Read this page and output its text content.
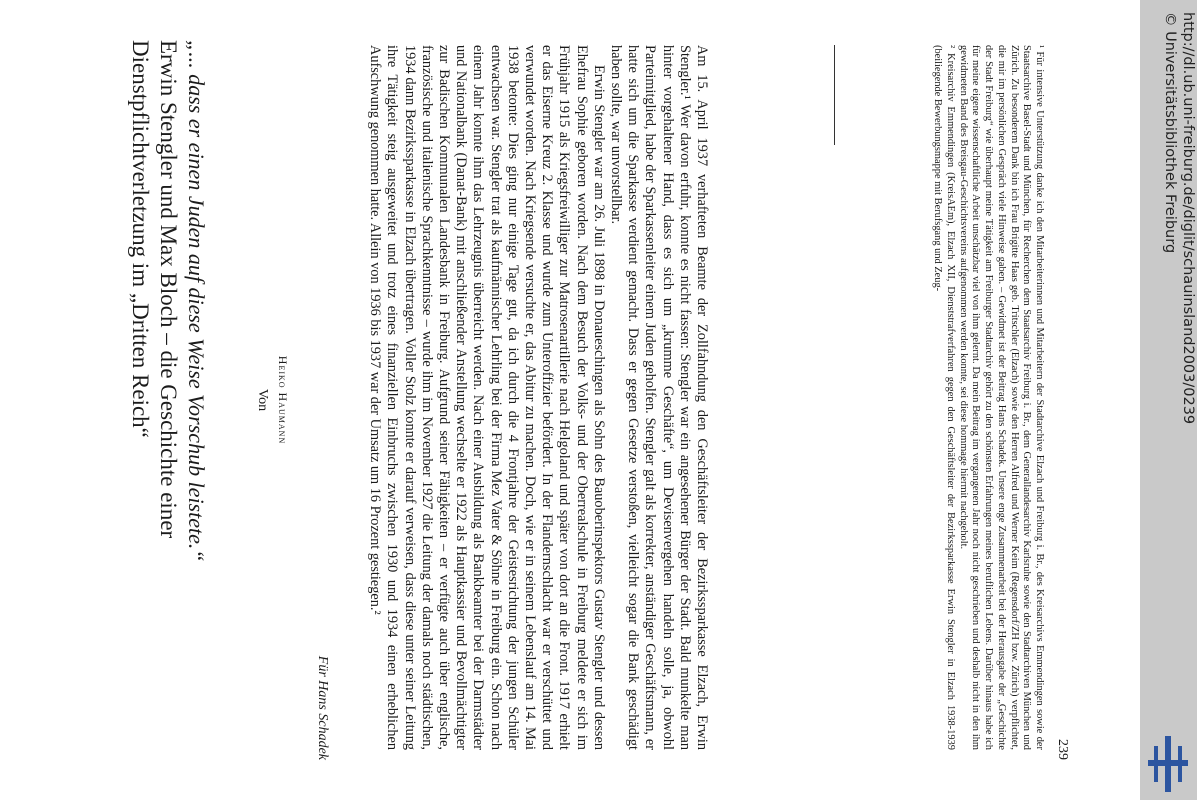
„... dass er einen Juden auf diese Weise Vorschub leistete.“

Erwin Stengler und Max Bloch – die Geschichte einer
Dienstpflichtverletzung im „Dritten Reich“	Von Heiko Haumann
Für Hans Schadek	Am 15. April 1937 verhafteten Beamte der Zollfahndung den Geschäftsleiter der Bezirkssparkasse Elzach, Erwin Stengler.¹ Wer davon erfuhr, konnte es nicht fassen: Stengler war ein angesehener Bürger der Stadt. Bald munkelte man hinter vorgehaltener Hand, dass es sich um „krumme Geschäfte“, um Devisenvergehen handeln solle, ja, obwohl Parteimitglied, habe der Sparkassenleiter einem Juden geholfen. Stengler galt als korrekter, anständiger Geschäftsmann, er hatte sich um die Sparkasse verdient gemacht. Dass er gegen Gesetze verstoßen, vielleicht sogar die Bank geschädigt haben sollte, war unvorstellbar.

Erwin Stengler war am 26. Juli 1898 in Donaueschingen als Sohn des Bauoberinspektors Gustav Stengler und dessen Ehefrau Sophie geboren worden. Nach dem Besuch der Volks- und der Oberrealschule in Freiburg meldete er sich im Frühjahr 1915 als Kriegsfreiwilliger zur Matrosenartillerie nach Helgoland und später von dort an die Front. 1917 erhielt er das Eiserne Kreuz 2. Klasse und wurde zum Unteroffizier befördert. In der Flandernschlacht war er verschüttet und verwundet worden. Nach Kriegsende versuchte er, das Abitur zu machen. Doch, wie er in seinem Lebenslauf am 14. Mai 1938 betonte: Dies ging nur einige Tage gut, da ich durch die 4 Frontjahre der Geistesrichtung der jungen Schüler entwachsen war. Stengler trat als kaufmännischer Lehrling bei der Firma Mez Vater & Söhne in Freiburg ein. Schon nach einem Jahr konnte ihm das Lehrzeugnis überreicht werden. Nach einer Ausbildung als Bankbeamter bei der Darmstädter und Nationalbank (Danat-Bank) mit anschließender Anstellung wechselte er 1922 als Hauptkassier und Bevollmächtigter zur Badischen Kommunalen Landesbank in Freiburg. Aufgrund seiner Fähigkeiten – er verfügte auch über englische, französische und italienische Sprachkenntnisse – wurde ihm im November 1927 die Leitung der damals noch städtischen, 1934 dann Bezirkssparkasse in Elzach übertragen. Voller Stolz konnte er darauf verweisen, dass diese unter seiner Leitung ihre Tätigkeit steig ausgeweitet und trotz eines finanziellen Einbruchs zwischen 1930 und 1934 einen erheblichen Aufschwung genommen hatte. Allein von 1936 bis 1937 war der Umsatz um 16 Prozent gestiegen.²	¹ Für intensive Unterstützung danke ich den Mitarbeiterinnen und Mitarbeitern der Stadtarchive Elzach und Freiburg i. Br., des Kreisarchivs Emmendingen sowie der Staatsarchive Basel-Stadt und München, für Recherchen dem Staatsarchiv Freiburg i. Br., dem Generallandesarchiv Karlsruhe sowie den Stadtarchiven München und Zürich. Zu besonderem Dank bin ich Frau Brigitte Haas geb. Tritschler (Elzach) sowie den Herren Alfred und Werner Keim (Regensdorf/ZH bzw. Zürich) verpflichtet, die mir im persönlichen Gespräch viele Hinweise gaben. – Gewidmet ist der Beitrag Hans Schadek. Unsere enge Zusammenarbeit bei der Herausgabe der „Geschichte der Stadt Freiburg“ wie überhaupt meine Tätigkeit am Freiburger Stadtarchiv gehört zu den schönsten Erfahrungen meines beruflichen Lebens. Darüber hinaus habe ich für meine eigene wissenschaftliche Arbeit unschätzbar viel von ihm gelernt. Da mein Beitrag im vergangenen Jahr noch nicht geschrieben und deshalb nicht in den ihm gewidmeten Band des Breisgau-Geschichtsvereins aufgenommen werden konnte, sei diese hommage hiermit nachgeholt.

² Kreisarchiv Emmendingen (KreisAEm), Elzach XII, Dienststrafverfahren gegen den Geschäftsleiter der Bezirkssparkasse Erwin Stengler in Elzach 1938-1939 (beiliegende Bewerbungsmappe mit Berufsgang und Zeug-

239
http://dl.ub.uni-freiburg.de/diglit/schauinsland2003/0239
© Universitätsbibliothek Freiburg
